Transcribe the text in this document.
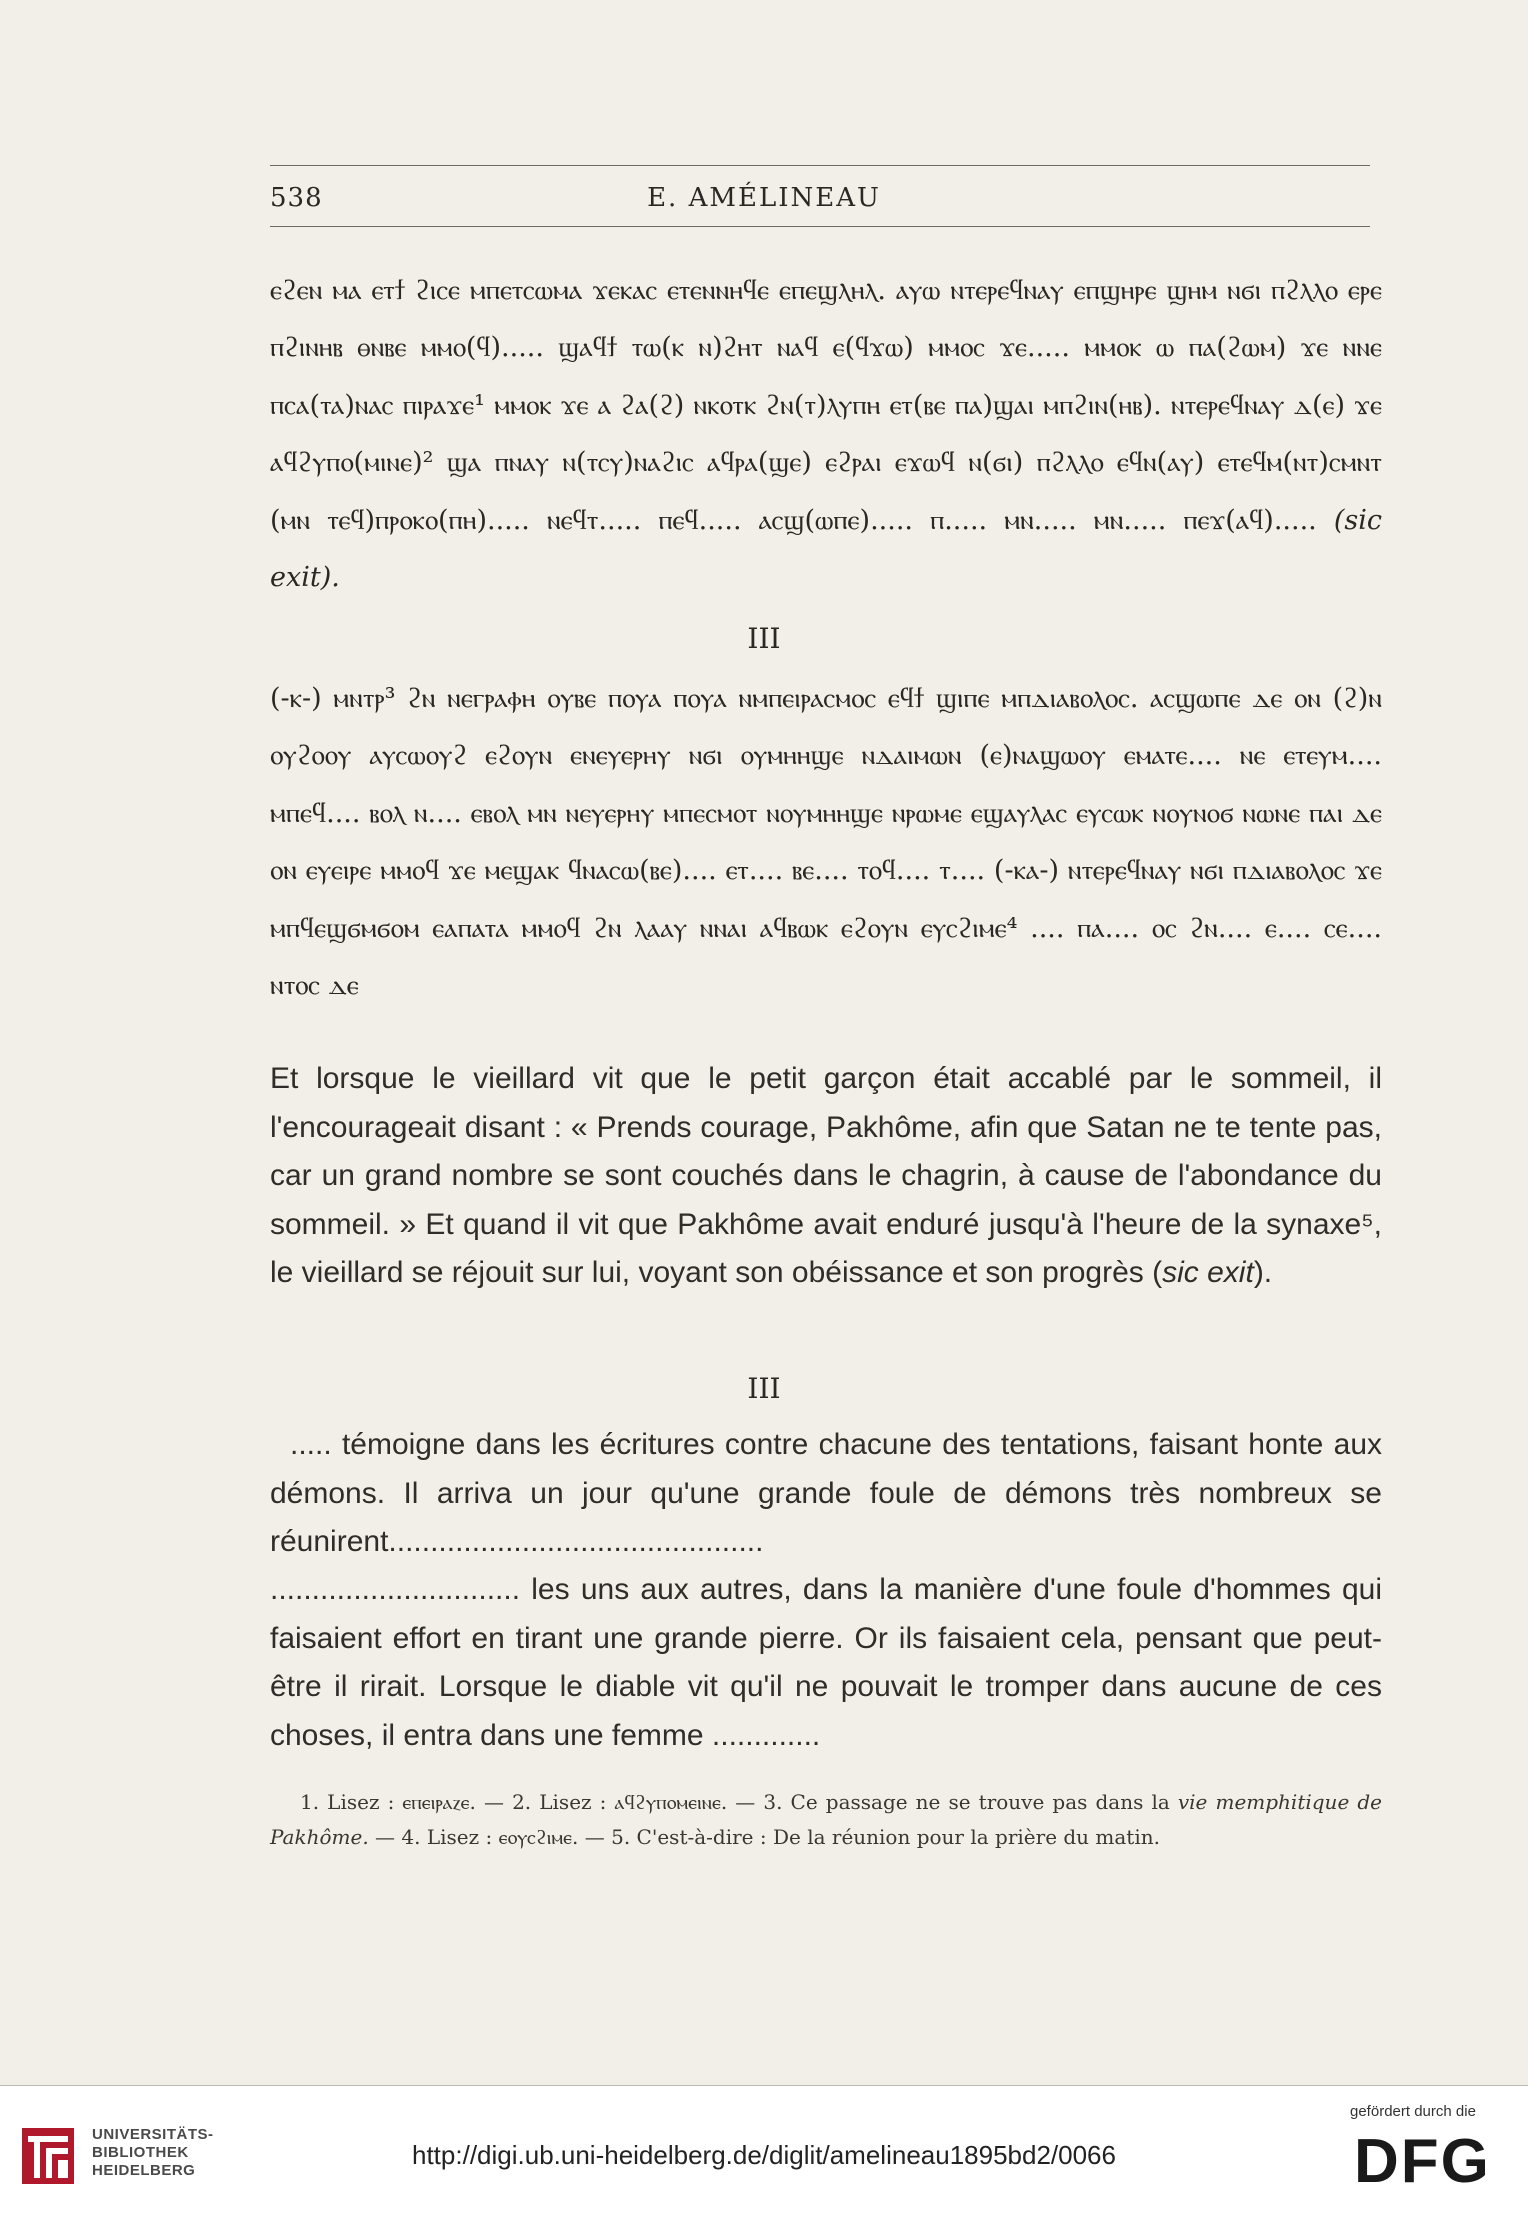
538	E. AMÉLINEAU

ⲉϩⲉⲛ ⲙⲁ ⲉⲧϯ ϩⲓⲥⲉ ⲙⲡⲉⲧⲥⲱⲙⲁ ϫⲉⲕⲁⲥ ⲉⲧⲉⲛⲛⲏϥⲉ ⲉⲡⲉϣⲗⲏⲗ. ⲁⲩⲱ ⲛⲧⲉⲣⲉϥⲛⲁⲩ ⲉⲡϣⲏⲣⲉ ϣⲏⲙ ⲛϭⲓ ⲡϩⲗⲗⲟ ⲉⲣⲉ ⲡϩⲓⲛⲏⲃ ⲑⲛⲃⲉ ⲙⲙⲟ(ϥ)..... ϣⲁϥϯ ⲧⲱ(ⲕ ⲛ)ϩⲏⲧ ⲛⲁϥ ⲉ(ϥϫⲱ) ⲙⲙⲟⲥ ϫⲉ..... ⲙⲙⲟⲕ ⲱ ⲡⲁ(ϩⲱⲙ) ϫⲉ ⲛⲛⲉ ⲡⲥⲁ(ⲧⲁ)ⲛⲁⲥ ⲡⲓⲣⲁϫⲉ¹ ⲙⲙⲟⲕ ϫⲉ ⲁ ϩⲁ(ϩ) ⲛⲕⲟⲧⲕ ϩⲛ(ⲧ)ⲗⲩⲡⲏ ⲉⲧ(ⲃⲉ ⲡⲁ)ϣⲁⲓ ⲙⲡϩⲓⲛ(ⲏⲃ). ⲛⲧⲉⲣⲉϥⲛⲁⲩ ⲇ(ⲉ) ϫⲉ ⲁϥϩⲩⲡⲟ(ⲙⲓⲛⲉ)² ϣⲁ ⲡⲛⲁⲩ ⲛ(ⲧⲥⲩ)ⲛⲁϩⲓⲥ ⲁϥⲣⲁ(ϣⲉ) ⲉϩⲣⲁⲓ ⲉϫⲱϥ ⲛ(ϭⲓ) ⲡϩⲗⲗⲟ ⲉϥⲛ(ⲁⲩ) ⲉⲧⲉϥⲙ(ⲛⲧ)ⲥⲙⲛⲧ (ⲙⲛ ⲧⲉϥ)ⲡⲣⲟⲕⲟ(ⲡⲏ)..... ⲛⲉϥⲧ..... ⲡⲉϥ..... ⲁⲥϣ(ⲱⲡⲉ)..... ⲡ..... ⲙⲛ..... ⲙⲛ..... ⲡⲉϫ(ⲁϥ)..... (sic exit).

III

(-ⲕ-) ⲙⲛⲧⲣ³ ϩⲛ ⲛⲉⲅⲣⲁⲫⲏ ⲟⲩⲃⲉ ⲡⲟⲩⲁ ⲡⲟⲩⲁ ⲛⲙⲡⲉⲓⲣⲁⲥⲙⲟⲥ ⲉϥϯ ϣⲓⲡⲉ ⲙⲡⲇⲓⲁⲃⲟⲗⲟⲥ. ⲁⲥϣⲱⲡⲉ ⲇⲉ ⲟⲛ (ϩ)ⲛ ⲟⲩϩⲟⲟⲩ ⲁⲩⲥⲱⲟⲩϩ ⲉϩⲟⲩⲛ ⲉⲛⲉⲩⲉⲣⲏⲩ ⲛϭⲓ ⲟⲩⲙⲏⲏϣⲉ ⲛⲇⲁⲓⲙⲱⲛ (ⲉ)ⲛⲁϣⲱⲟⲩ ⲉⲙⲁⲧⲉ.... ⲛⲉ ⲉⲧⲉⲩⲙ.... ⲙⲡⲉϥ.... ⲃⲟⲗ ⲛ.... ⲉⲃⲟⲗ ⲙⲛ ⲛⲉⲩⲉⲣⲏⲩ ⲙⲡⲉⲥⲙⲟⲧ ⲛⲟⲩⲙⲏⲏϣⲉ ⲛⲣⲱⲙⲉ ⲉϣⲁⲩⲗⲁⲥ ⲉⲩⲥⲱⲕ ⲛⲟⲩⲛⲟϭ ⲛⲱⲛⲉ ⲡⲁⲓ ⲇⲉ ⲟⲛ ⲉⲩⲉⲓⲣⲉ ⲙⲙⲟϥ ϫⲉ ⲙⲉϣⲁⲕ ϥⲛⲁⲥⲱ(ⲃⲉ).... ⲉⲧ.... ⲃⲉ.... ⲧⲟϥ.... ⲧ.... (-ⲕⲁ-) ⲛⲧⲉⲣⲉϥⲛⲁⲩ ⲛϭⲓ ⲡⲇⲓⲁⲃⲟⲗⲟⲥ ϫⲉ ⲙⲡϥⲉϣϭⲙϭⲟⲙ ⲉⲁⲡⲁⲧⲁ ⲙⲙⲟϥ ϩⲛ ⲗⲁⲁⲩ ⲛⲛⲁⲓ ⲁϥⲃⲱⲕ ⲉϩⲟⲩⲛ ⲉⲩⲥϩⲓⲙⲉ⁴ .... ⲡⲁ.... ⲟⲥ ϩⲛ.... ⲉ.... ⲥⲉ.... ⲛⲧⲟⲥ ⲇⲉ

Et lorsque le vieillard vit que le petit garçon était accablé par le sommeil, il l'encourageait disant : « Prends courage, Pakhôme, afin que Satan ne te tente pas, car un grand nombre se sont couchés dans le chagrin, à cause de l'abondance du sommeil. » Et quand il vit que Pakhôme avait enduré jusqu'à l'heure de la synaxe⁵, le vieillard se réjouit sur lui, voyant son obéissance et son progrès (sic exit).

III

..... témoigne dans les écritures contre chacune des tentations, faisant honte aux démons. Il arriva un jour qu'une grande foule de démons très nombreux se réunirent.............................................

.............................. les uns aux autres, dans la manière d'une foule d'hommes qui faisaient effort en tirant une grande pierre. Or ils faisaient cela, pensant que peut-être il rirait. Lorsque le diable vit qu'il ne pouvait le tromper dans aucune de ces choses, il entra dans une femme .............

1. Lisez : ⲉⲡⲉⲓⲣⲁⲍⲉ. — 2. Lisez : ⲁϥϩⲩⲡⲟⲙⲉⲓⲛⲉ. — 3. Ce passage ne se trouve pas dans la vie memphitique de Pakhôme. — 4. Lisez : ⲉⲟⲩⲥϩⲓⲙⲉ. — 5. C'est-à-dire : De la réunion pour la prière du matin.

UNIVERSITÄTS-
BIBLIOTHEK
HEIDELBERG
http://digi.ub.uni-heidelberg.de/diglit/amelineau1895bd2/0066
gefördert durch die
DFG
